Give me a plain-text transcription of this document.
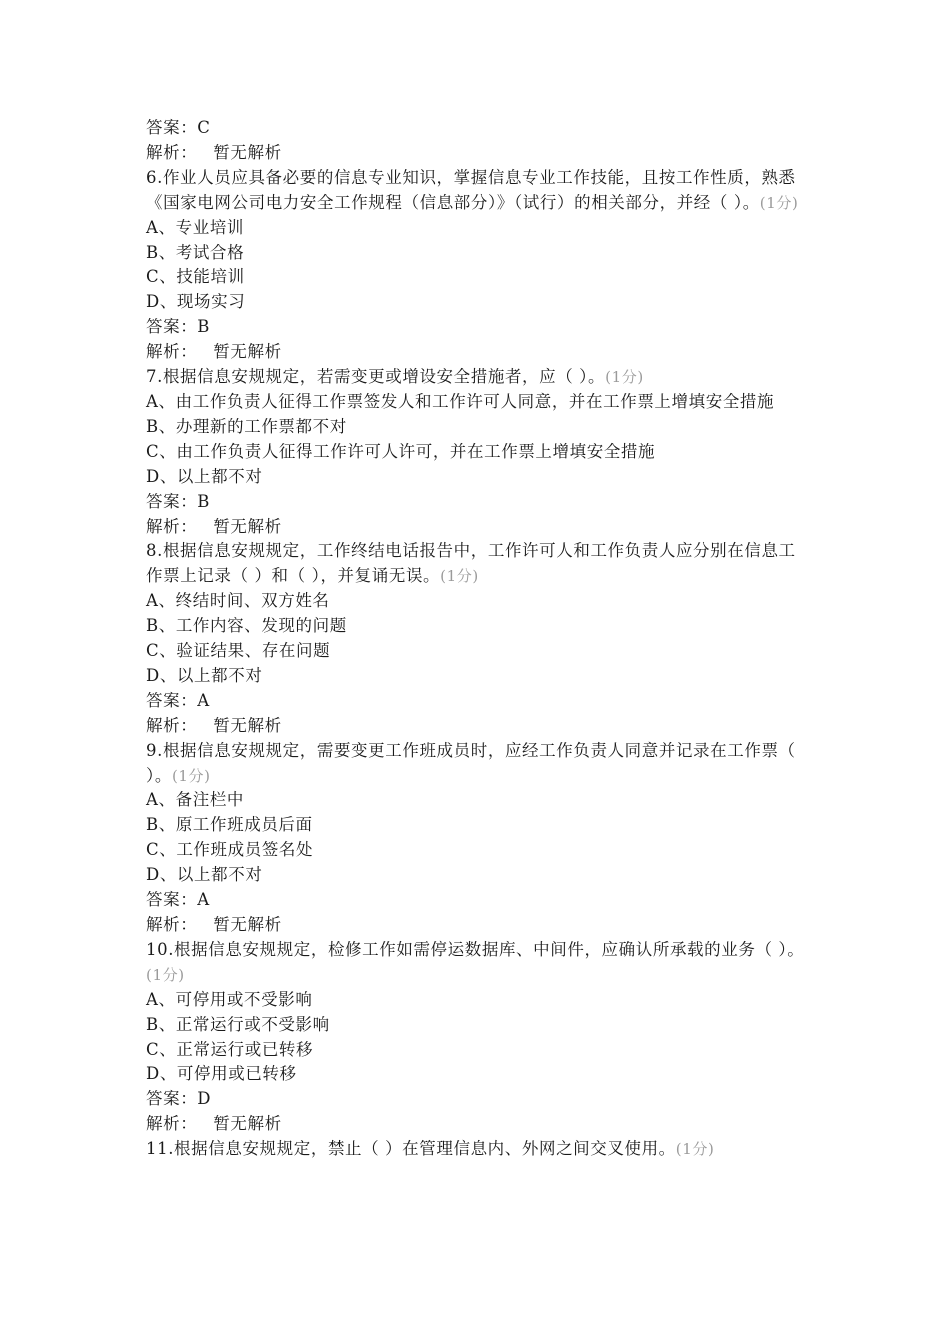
答案：C
解析： 暂无解析
6.作业人员应具备必要的信息专业知识，掌握信息专业工作技能，且按工作性质，熟悉《国家电网公司电力安全工作规程（信息部分）》（试行）的相关部分，并经（ ）。(1分)
A、专业培训
B、考试合格
C、技能培训
D、现场实习
答案：B
解析： 暂无解析
7.根据信息安规规定，若需变更或增设安全措施者，应（ ）。(1分)
A、由工作负责人征得工作票签发人和工作许可人同意，并在工作票上增填安全措施
B、办理新的工作票都不对
C、由工作负责人征得工作许可人许可，并在工作票上增填安全措施
D、以上都不对
答案：B
解析： 暂无解析
8.根据信息安规规定，工作终结电话报告中，工作许可人和工作负责人应分别在信息工作票上记录（ ）和（ ），并复诵无误。(1分)
A、终结时间、双方姓名
B、工作内容、发现的问题
C、验证结果、存在问题
D、以上都不对
答案：A
解析： 暂无解析
9.根据信息安规规定，需要变更工作班成员时，应经工作负责人同意并记录在工作票（ ）。(1分)
A、备注栏中
B、原工作班成员后面
C、工作班成员签名处
D、以上都不对
答案：A
解析： 暂无解析
10.根据信息安规规定，检修工作如需停运数据库、中间件，应确认所承载的业务（ ）。(1分)
A、可停用或不受影响
B、正常运行或不受影响
C、正常运行或已转移
D、可停用或已转移
答案：D
解析： 暂无解析
11.根据信息安规规定，禁止（ ）在管理信息内、外网之间交叉使用。(1分)
